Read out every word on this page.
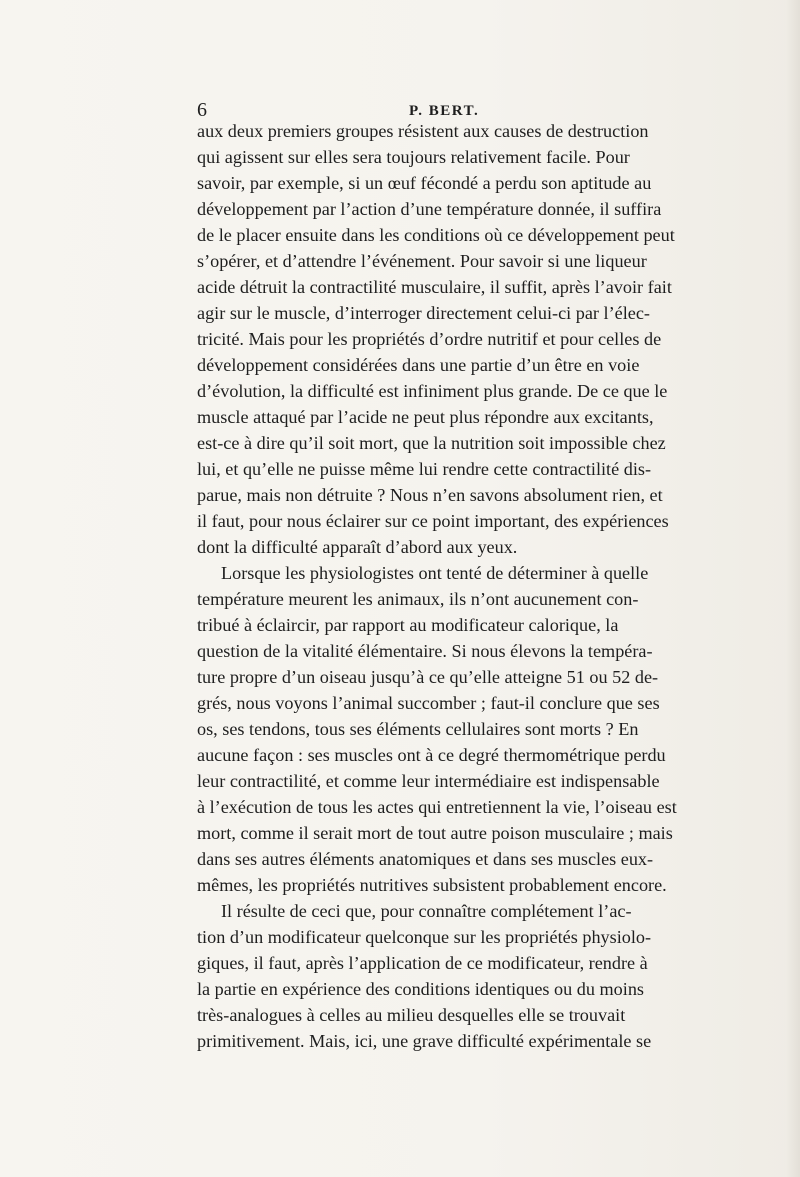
6	P. BERT.
aux deux premiers groupes résistent aux causes de destruction
qui agissent sur elles sera toujours relativement facile. Pour
savoir, par exemple, si un œuf fécondé a perdu son aptitude au
développement par l’action d’une température donnée, il suffira
de le placer ensuite dans les conditions où ce développement peut
s’opérer, et d’attendre l’événement. Pour savoir si une liqueur
acide détruit la contractilité musculaire, il suffit, après l’avoir fait
agir sur le muscle, d’interroger directement celui-ci par l’élec-
tricité. Mais pour les propriétés d’ordre nutritif et pour celles de
développement considérées dans une partie d’un être en voie
d’évolution, la difficulté est infiniment plus grande. De ce que le
muscle attaqué par l’acide ne peut plus répondre aux excitants,
est-ce à dire qu’il soit mort, que la nutrition soit impossible chez
lui, et qu’elle ne puisse même lui rendre cette contractilité dis-
parue, mais non détruite ? Nous n’en savons absolument rien, et
il faut, pour nous éclairer sur ce point important, des expériences
dont la difficulté apparaît d’abord aux yeux.
Lorsque les physiologistes ont tenté de déterminer à quelle
température meurent les animaux, ils n’ont aucunement con-
tribué à éclaircir, par rapport au modificateur calorique, la
question de la vitalité élémentaire. Si nous élevons la tempéra-
ture propre d’un oiseau jusqu’à ce qu’elle atteigne 51 ou 52 de-
grés, nous voyons l’animal succomber ; faut-il conclure que ses
os, ses tendons, tous ses éléments cellulaires sont morts ? En
aucune façon : ses muscles ont à ce degré thermométrique perdu
leur contractilité, et comme leur intermédiaire est indispensable
à l’exécution de tous les actes qui entretiennent la vie, l’oiseau est
mort, comme il serait mort de tout autre poison musculaire ; mais
dans ses autres éléments anatomiques et dans ses muscles eux-
mêmes, les propriétés nutritives subsistent probablement encore.
Il résulte de ceci que, pour connaître complétement l’ac-
tion d’un modificateur quelconque sur les propriétés physiolo-
giques, il faut, après l’application de ce modificateur, rendre à
la partie en expérience des conditions identiques ou du moins
très-analogues à celles au milieu desquelles elle se trouvait
primitivement. Mais, ici, une grave difficulté expérimentale se
